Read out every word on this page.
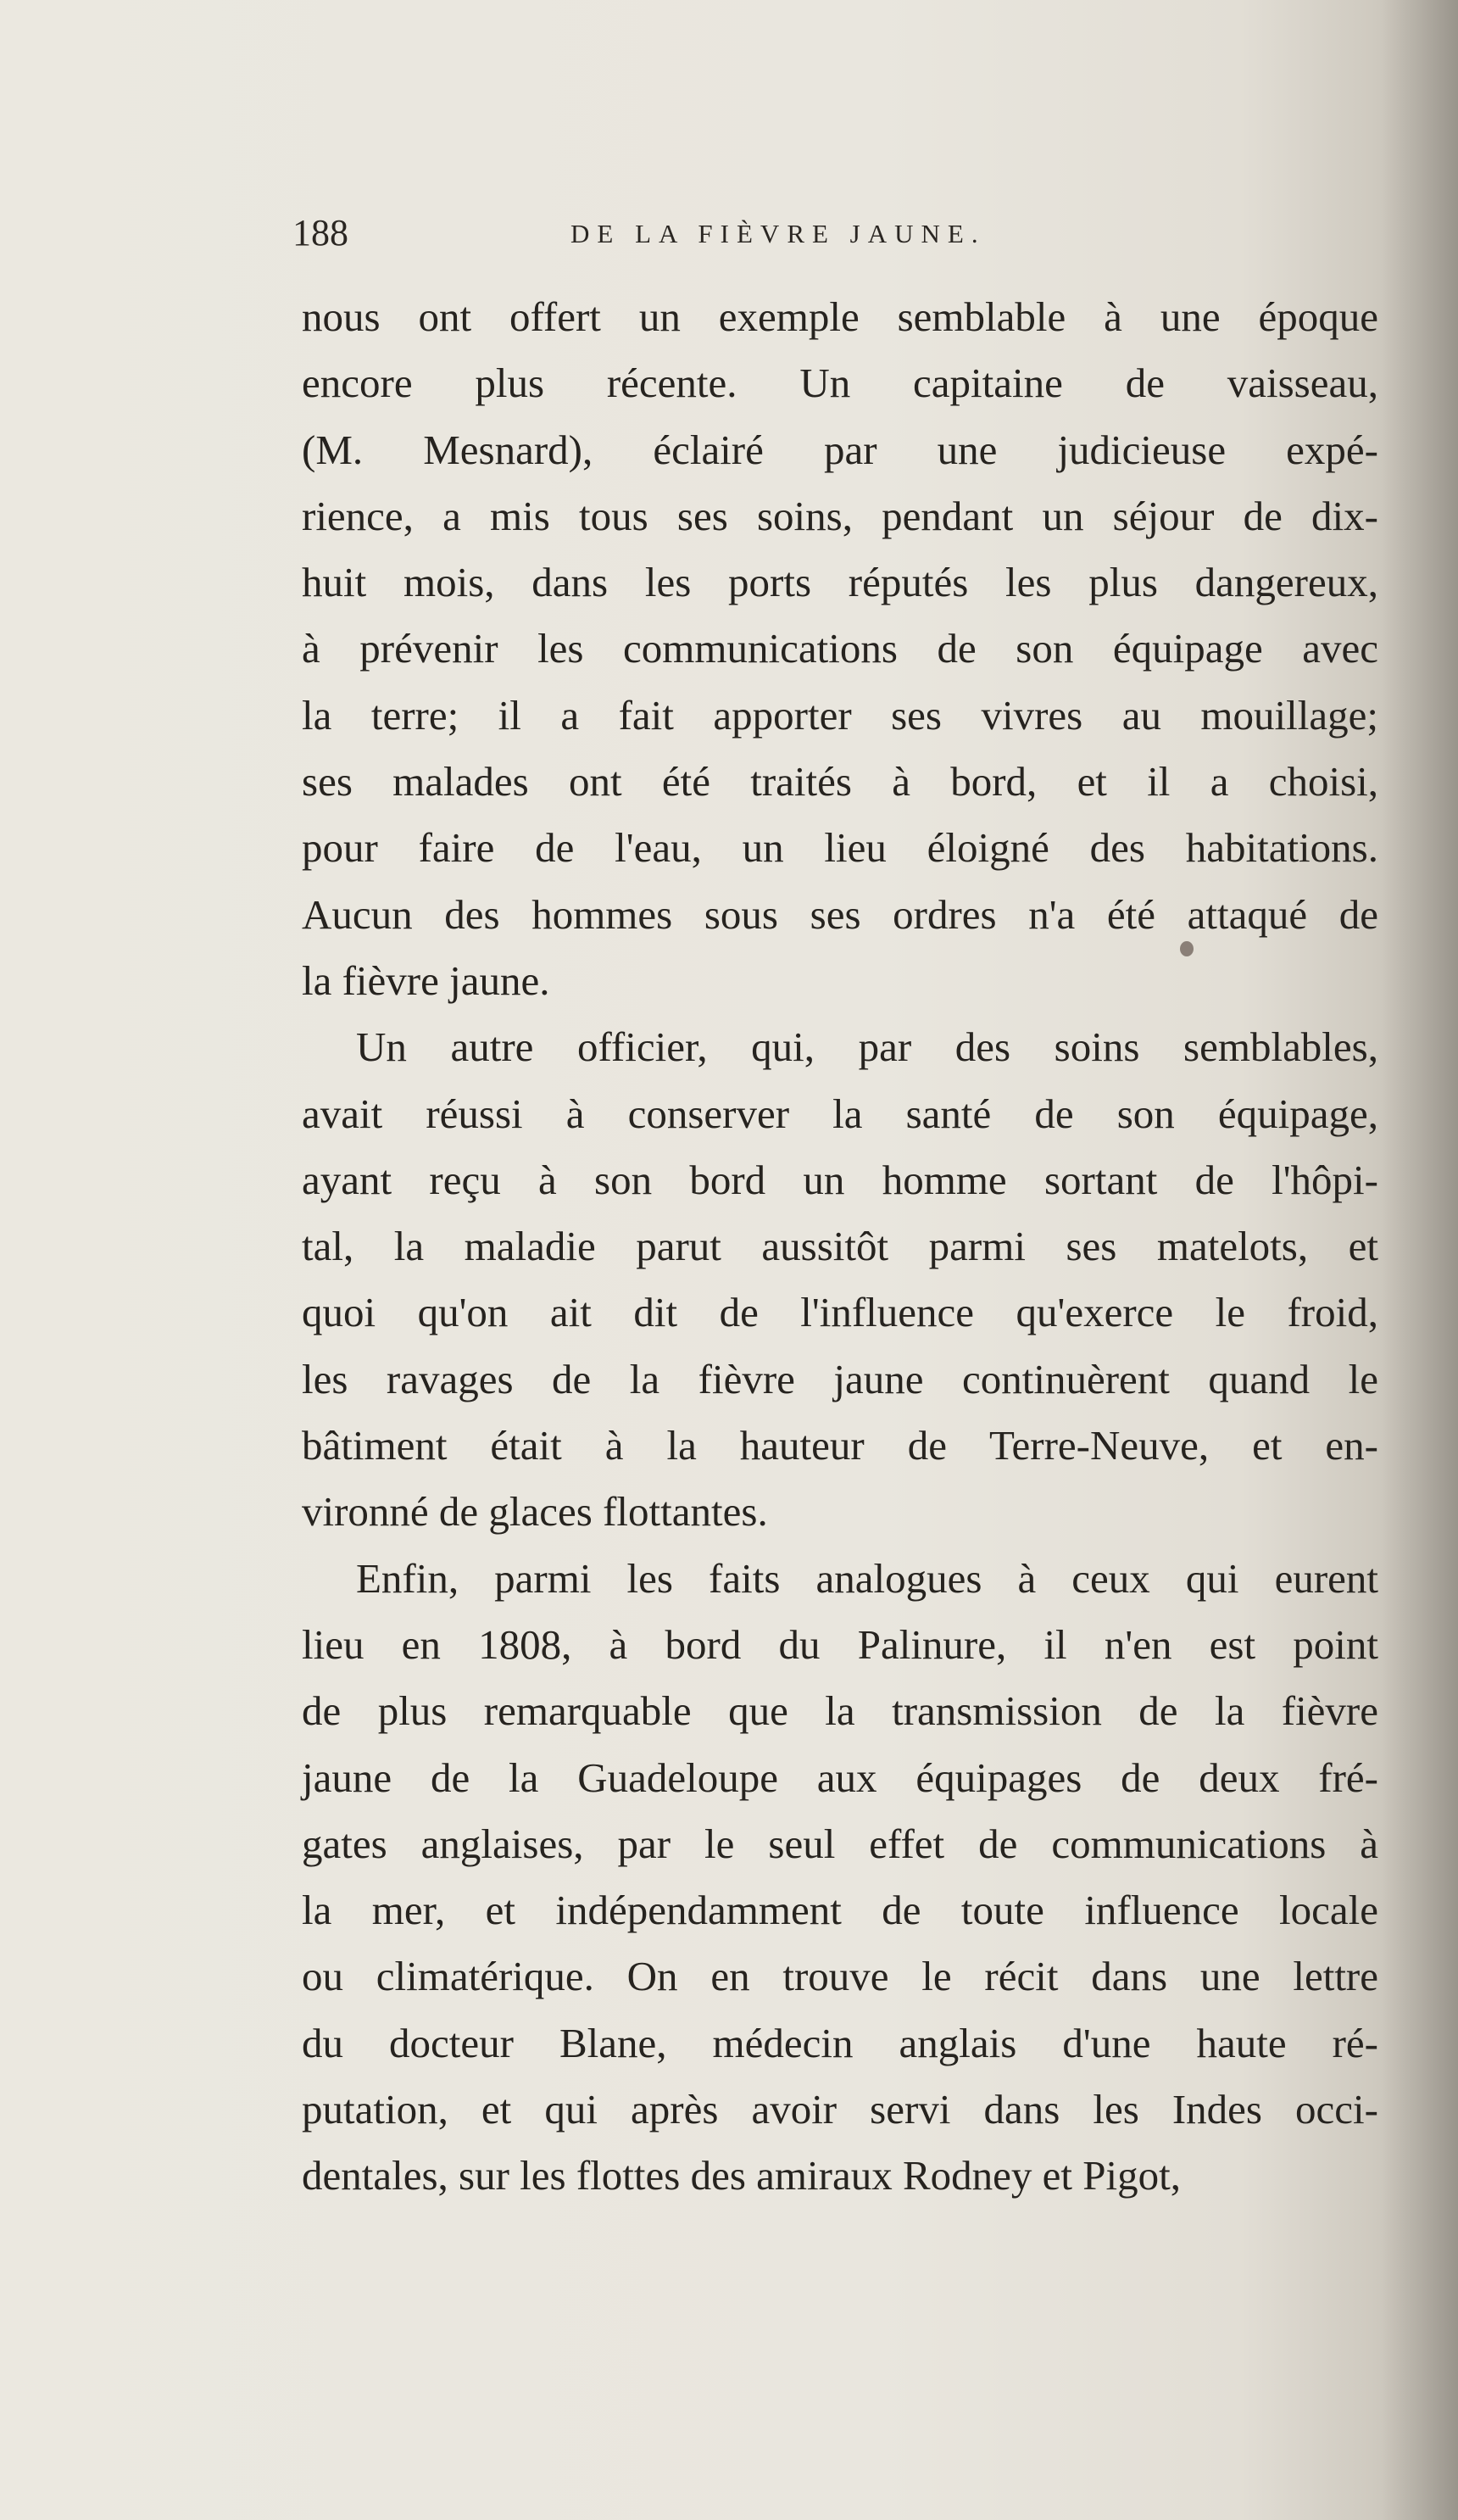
188	DE LA FIÈVRE JAUNE.
nous ont offert un exemple semblable à une époque
encore plus récente. Un capitaine de vaisseau,
(M. Mesnard), éclairé par une judicieuse expé-
rience, a mis tous ses soins, pendant un séjour de dix-
huit mois, dans les ports réputés les plus dangereux,
à prévenir les communications de son équipage avec
la terre; il a fait apporter ses vivres au mouillage;
ses malades ont été traités à bord, et il a choisi,
pour faire de l'eau, un lieu éloigné des habitations.
Aucun des hommes sous ses ordres n'a été attaqué de
la fièvre jaune.
Un autre officier, qui, par des soins semblables,
avait réussi à conserver la santé de son équipage,
ayant reçu à son bord un homme sortant de l'hôpi-
tal, la maladie parut aussitôt parmi ses matelots, et
quoi qu'on ait dit de l'influence qu'exerce le froid,
les ravages de la fièvre jaune continuèrent quand le
bâtiment était à la hauteur de Terre-Neuve, et en-
vironné de glaces flottantes.
Enfin, parmi les faits analogues à ceux qui eurent
lieu en 1808, à bord du Palinure, il n'en est point
de plus remarquable que la transmission de la fièvre
jaune de la Guadeloupe aux équipages de deux fré-
gates anglaises, par le seul effet de communications à
la mer, et indépendamment de toute influence locale
ou climatérique. On en trouve le récit dans une lettre
du docteur Blane, médecin anglais d'une haute ré-
putation, et qui après avoir servi dans les Indes occi-
dentales, sur les flottes des amiraux Rodney et Pigot,
